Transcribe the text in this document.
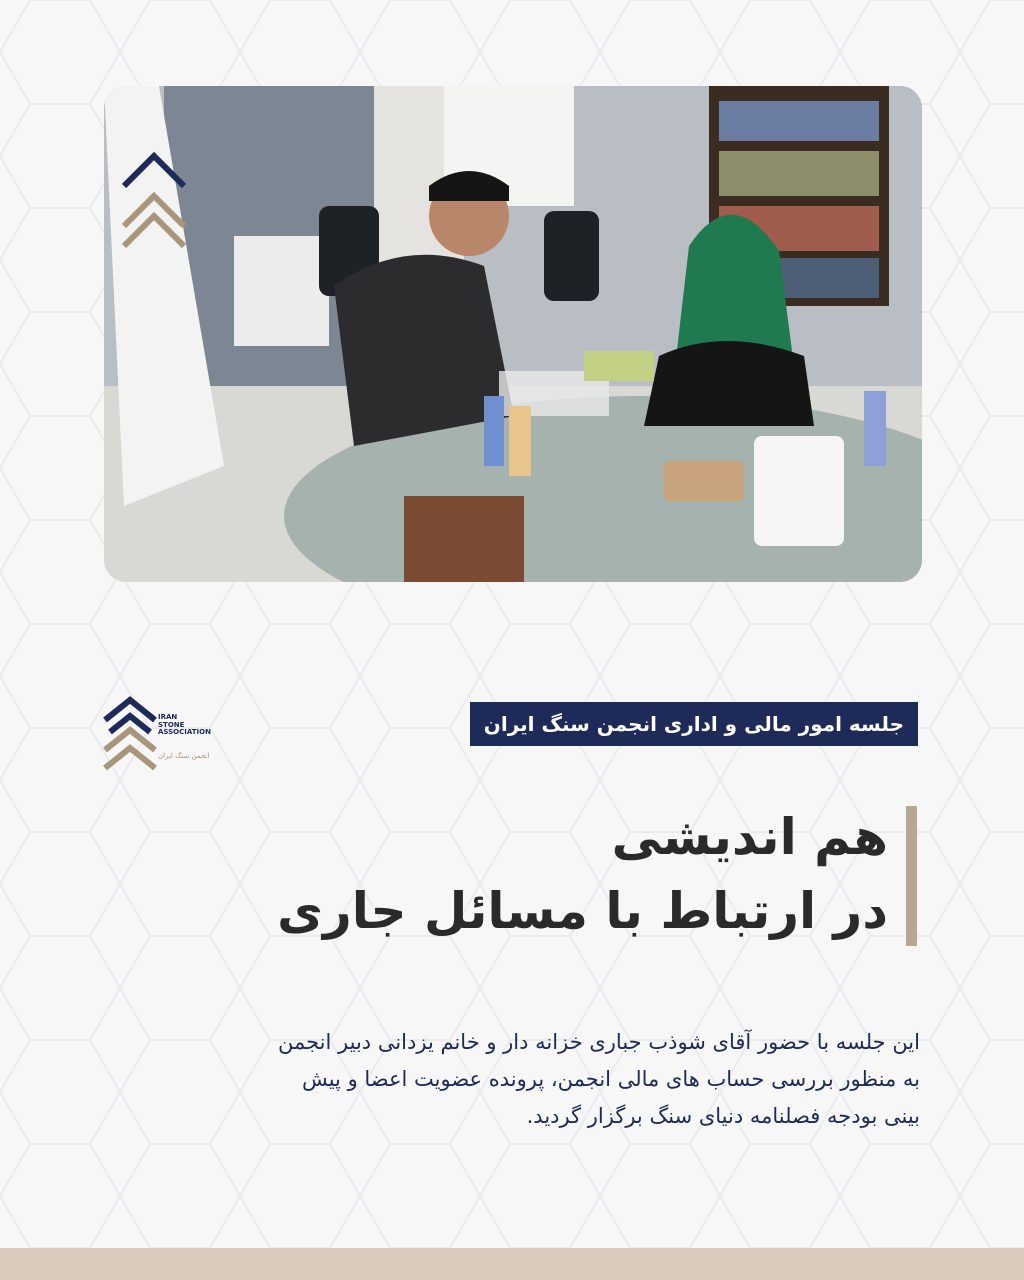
IRAN
STONE
ASSOCIATION
انجمن سنگ ایران
جلسه امور مالی و اداری انجمن سنگ ایران
هم اندیشی
در ارتباط با مسائل جاری
این جلسه با حضور آقای شوذب جباری خزانه دار و خانم یزدانی دبیر انجمن
به منظور بررسی حساب های مالی انجمن، پرونده عضویت اعضا و پیش
بینی بودجه فصلنامه دنیای سنگ برگزار گردید.
